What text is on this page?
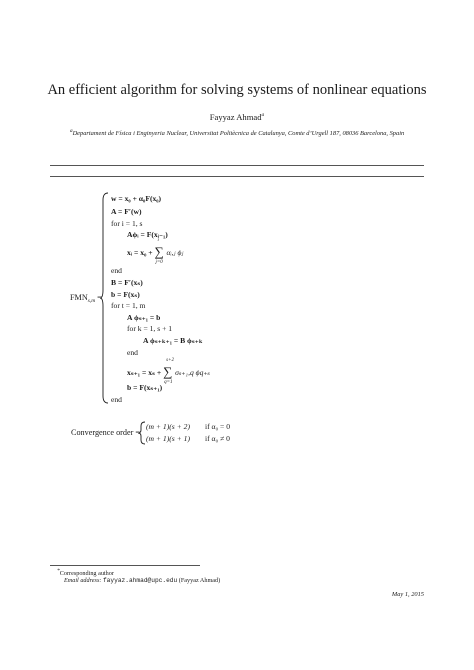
An efficient algorithm for solving systems of nonlinear equations
Fayyaz Ahmad$^a$
$^a$Departament de Física i Enginyeria Nuclear, Universitat Politècnica de Catalunya, Comte d’Urgell 187, 08036 Barcelona, Spain
$FMN_{s,m}$ =
w = x₀ + α₀F(x₀)
A = F′(w)
for i = 1, s
Aϕᵢ = F(xᵢ₋₁)
xᵢ = x₀ + ∑
i
j=0
αᵢ,ⱼ ϕⱼ
end
B = F′(xₛ)
b = F(xₛ)
for t = 1, m
A ϕₛ₊₁ = b
for k = 1, s + 1
A ϕₛ₊ₖ₊₁ = B ϕₛ₊ₖ
end
xₛ₊₁ = xₛ + ∑
s+2
q=1
σₛ₊₁,q ϕq₊ₛ
b = F(xₛ₊₁)
end
Convergence order =
(m + 1)(s + 2) if α₀ = 0
(m + 1)(s + 1) if α₀ ≠ 0
*Corresponding author
Email address: fayyaz.ahmad@upc.edu (Fayyaz Ahmad)
May 1, 2015
